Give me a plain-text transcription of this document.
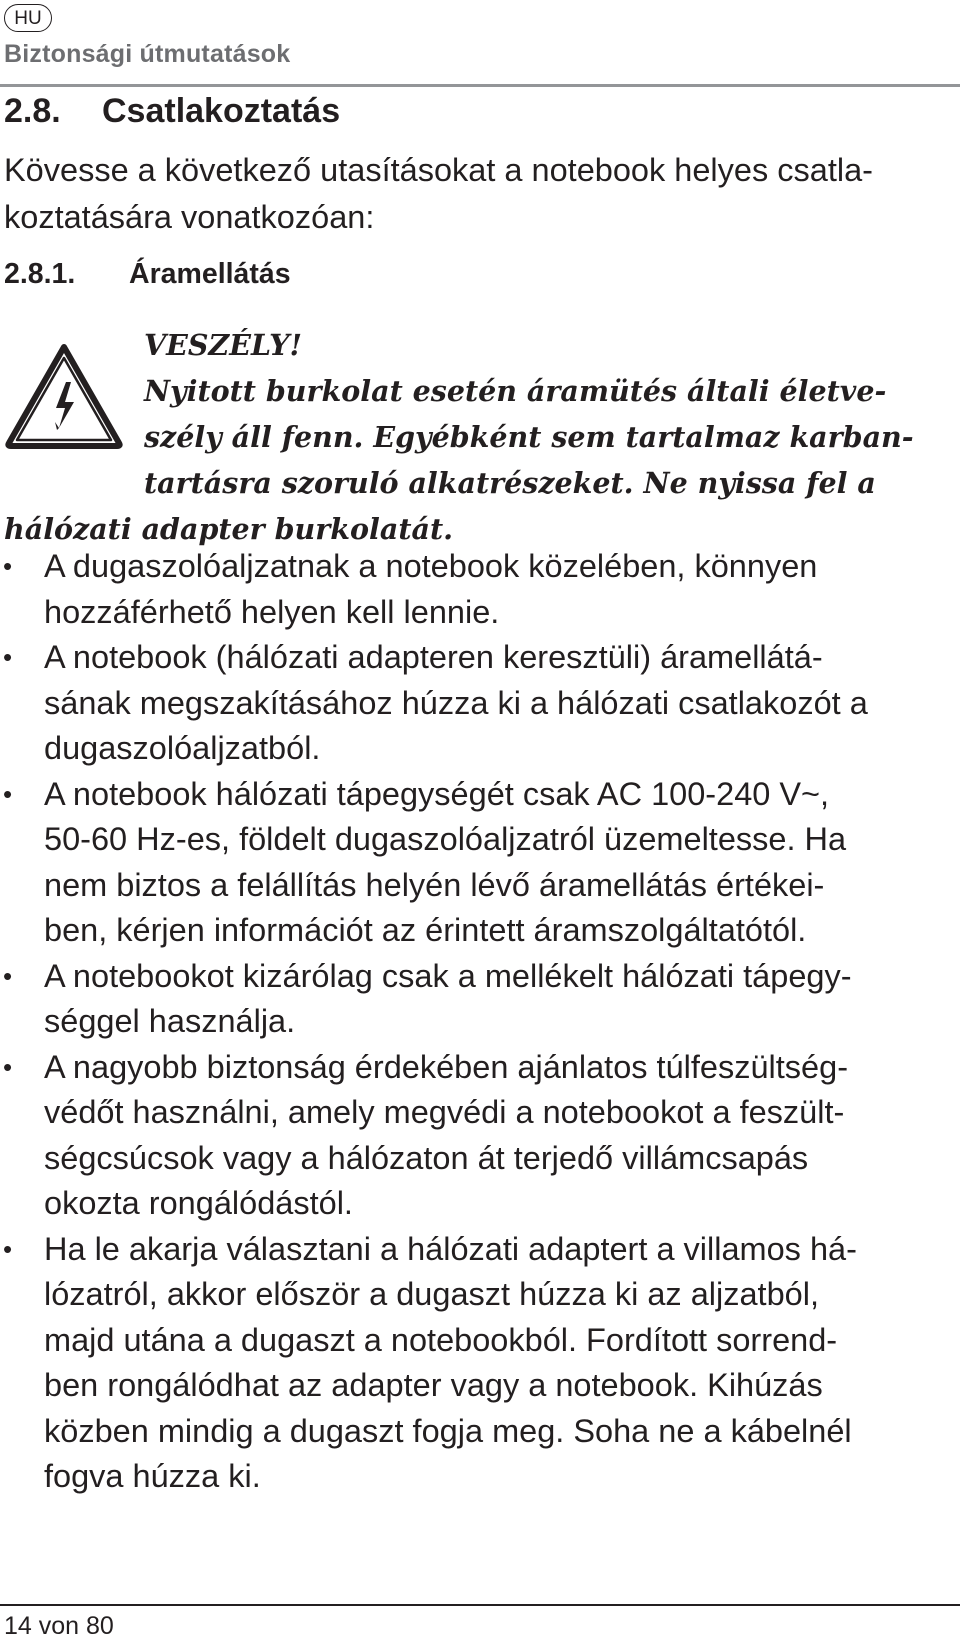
HU
Biztonsági útmutatások
2.8. Csatlakoztatás
Kövesse a következő utasításokat a notebook helyes csatla-
koztatására vonatkozóan:
2.8.1. Áramellátás
VESZÉLY!
Nyitott burkolat esetén áramütés általi életve-
szély áll fenn. Egyébként sem tartalmaz karban-
tartásra szoruló alkatrészeket. Ne nyissa fel a
hálózati adapter burkolatát.
• A dugaszolóaljzatnak a notebook közelében, könnyen
hozzáférhető helyen kell lennie.
• A notebook (hálózati adapteren keresztüli) áramellátá-
sának megszakításához húzza ki a hálózati csatlakozót a
dugaszolóaljzatból.
• A notebook hálózati tápegységét csak AC 100-240 V~,
50-60 Hz-es, földelt dugaszolóaljzatról üzemeltesse. Ha
nem biztos a felállítás helyén lévő áramellátás értékei-
ben, kérjen információt az érintett áramszolgáltatótól.
• A notebookot kizárólag csak a mellékelt hálózati tápegy-
séggel használja.
• A nagyobb biztonság érdekében ajánlatos túlfeszültség-
védőt használni, amely megvédi a notebookot a feszült-
ségcsúcsok vagy a hálózaton át terjedő villámcsapás
okozta rongálódástól.
• Ha le akarja választani a hálózati adaptert a villamos há-
lózatról, akkor először a dugaszt húzza ki az aljzatból,
majd utána a dugaszt a notebookból. Fordított sorrend-
ben rongálódhat az adapter vagy a notebook. Kihúzás
közben mindig a dugaszt fogja meg. Soha ne a kábelnél
fogva húzza ki.
14 von 80
